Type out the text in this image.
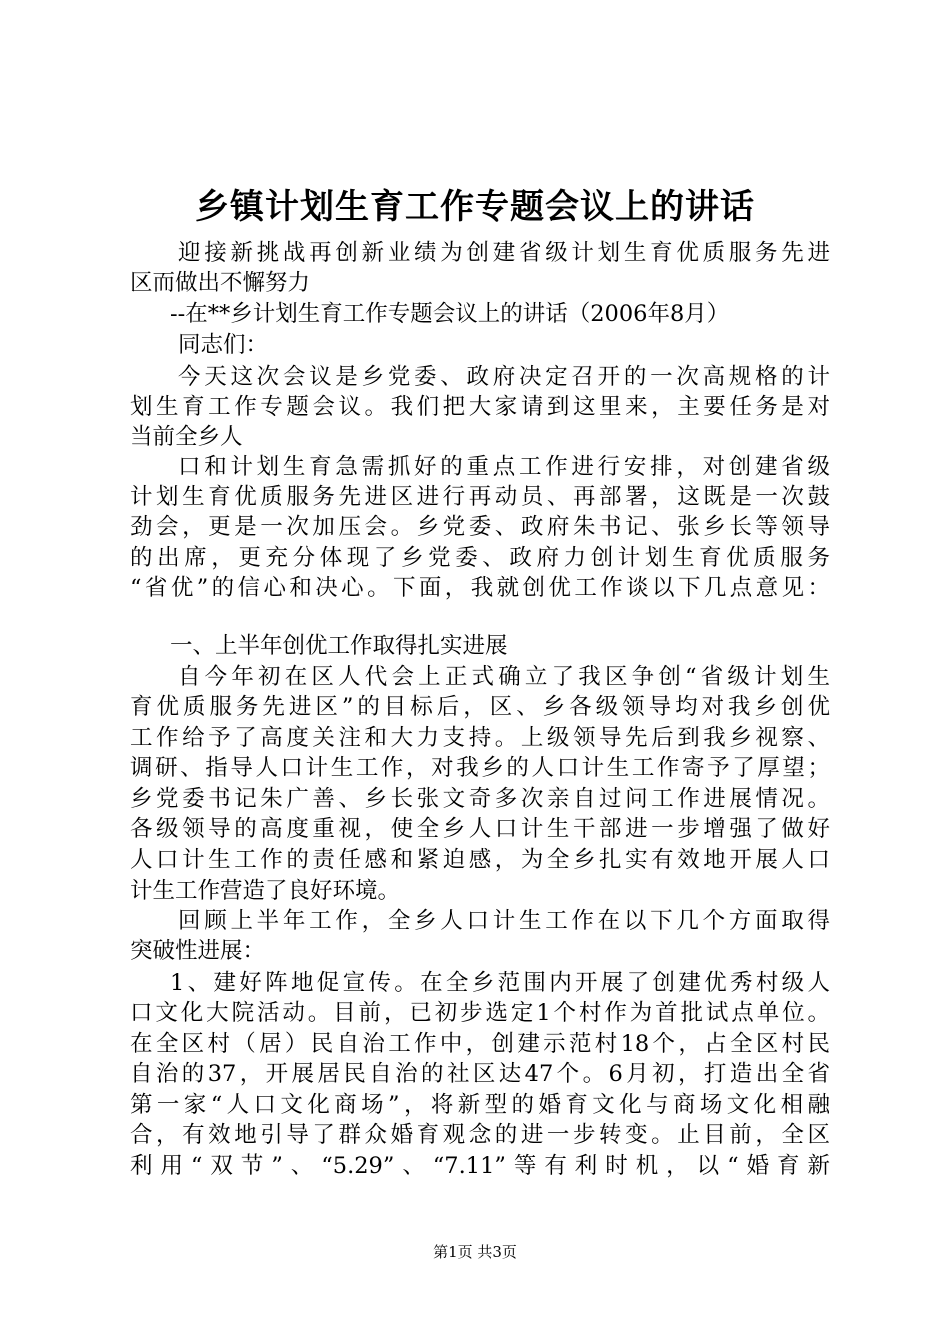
乡镇计划生育工作专题会议上的讲话
迎接新挑战再创新业绩为创建省级计划生育优质服务先进
区而做出不懈努力
--在**乡计划生育工作专题会议上的讲话（2006年8月）
同志们：
今天这次会议是乡党委、政府决定召开的一次高规格的计
划生育工作专题会议。我们把大家请到这里来，主要任务是对
当前全乡人
口和计划生育急需抓好的重点工作进行安排，对创建省级
计划生育优质服务先进区进行再动员、再部署，这既是一次鼓
劲会，更是一次加压会。乡党委、政府朱书记、张乡长等领导
的出席，更充分体现了乡党委、政府力创计划生育优质服务
“省优”的信心和决心。下面，我就创优工作谈以下几点意见：
一、上半年创优工作取得扎实进展
自今年初在区人代会上正式确立了我区争创“省级计划生
育优质服务先进区”的目标后，区、乡各级领导均对我乡创优
工作给予了高度关注和大力支持。上级领导先后到我乡视察、
调研、指导人口计生工作，对我乡的人口计生工作寄予了厚望；
乡党委书记朱广善、乡长张文奇多次亲自过问工作进展情况。
各级领导的高度重视，使全乡人口计生干部进一步增强了做好
人口计生工作的责任感和紧迫感，为全乡扎实有效地开展人口
计生工作营造了良好环境。
回顾上半年工作，全乡人口计生工作在以下几个方面取得
突破性进展：
1、建好阵地促宣传。在全乡范围内开展了创建优秀村级人
口文化大院活动。目前，已初步选定1个村作为首批试点单位。
在全区村（居）民自治工作中，创建示范村18个，占全区村民
自治的37，开展居民自治的社区达47个。6月初，打造出全省
第一家“人口文化商场”，将新型的婚育文化与商场文化相融
合，有效地引导了群众婚育观念的进一步转变。止目前，全区
利用“双节”、“5.29”、“7.11”等有利时机，以“婚育新
第1页 共3页
